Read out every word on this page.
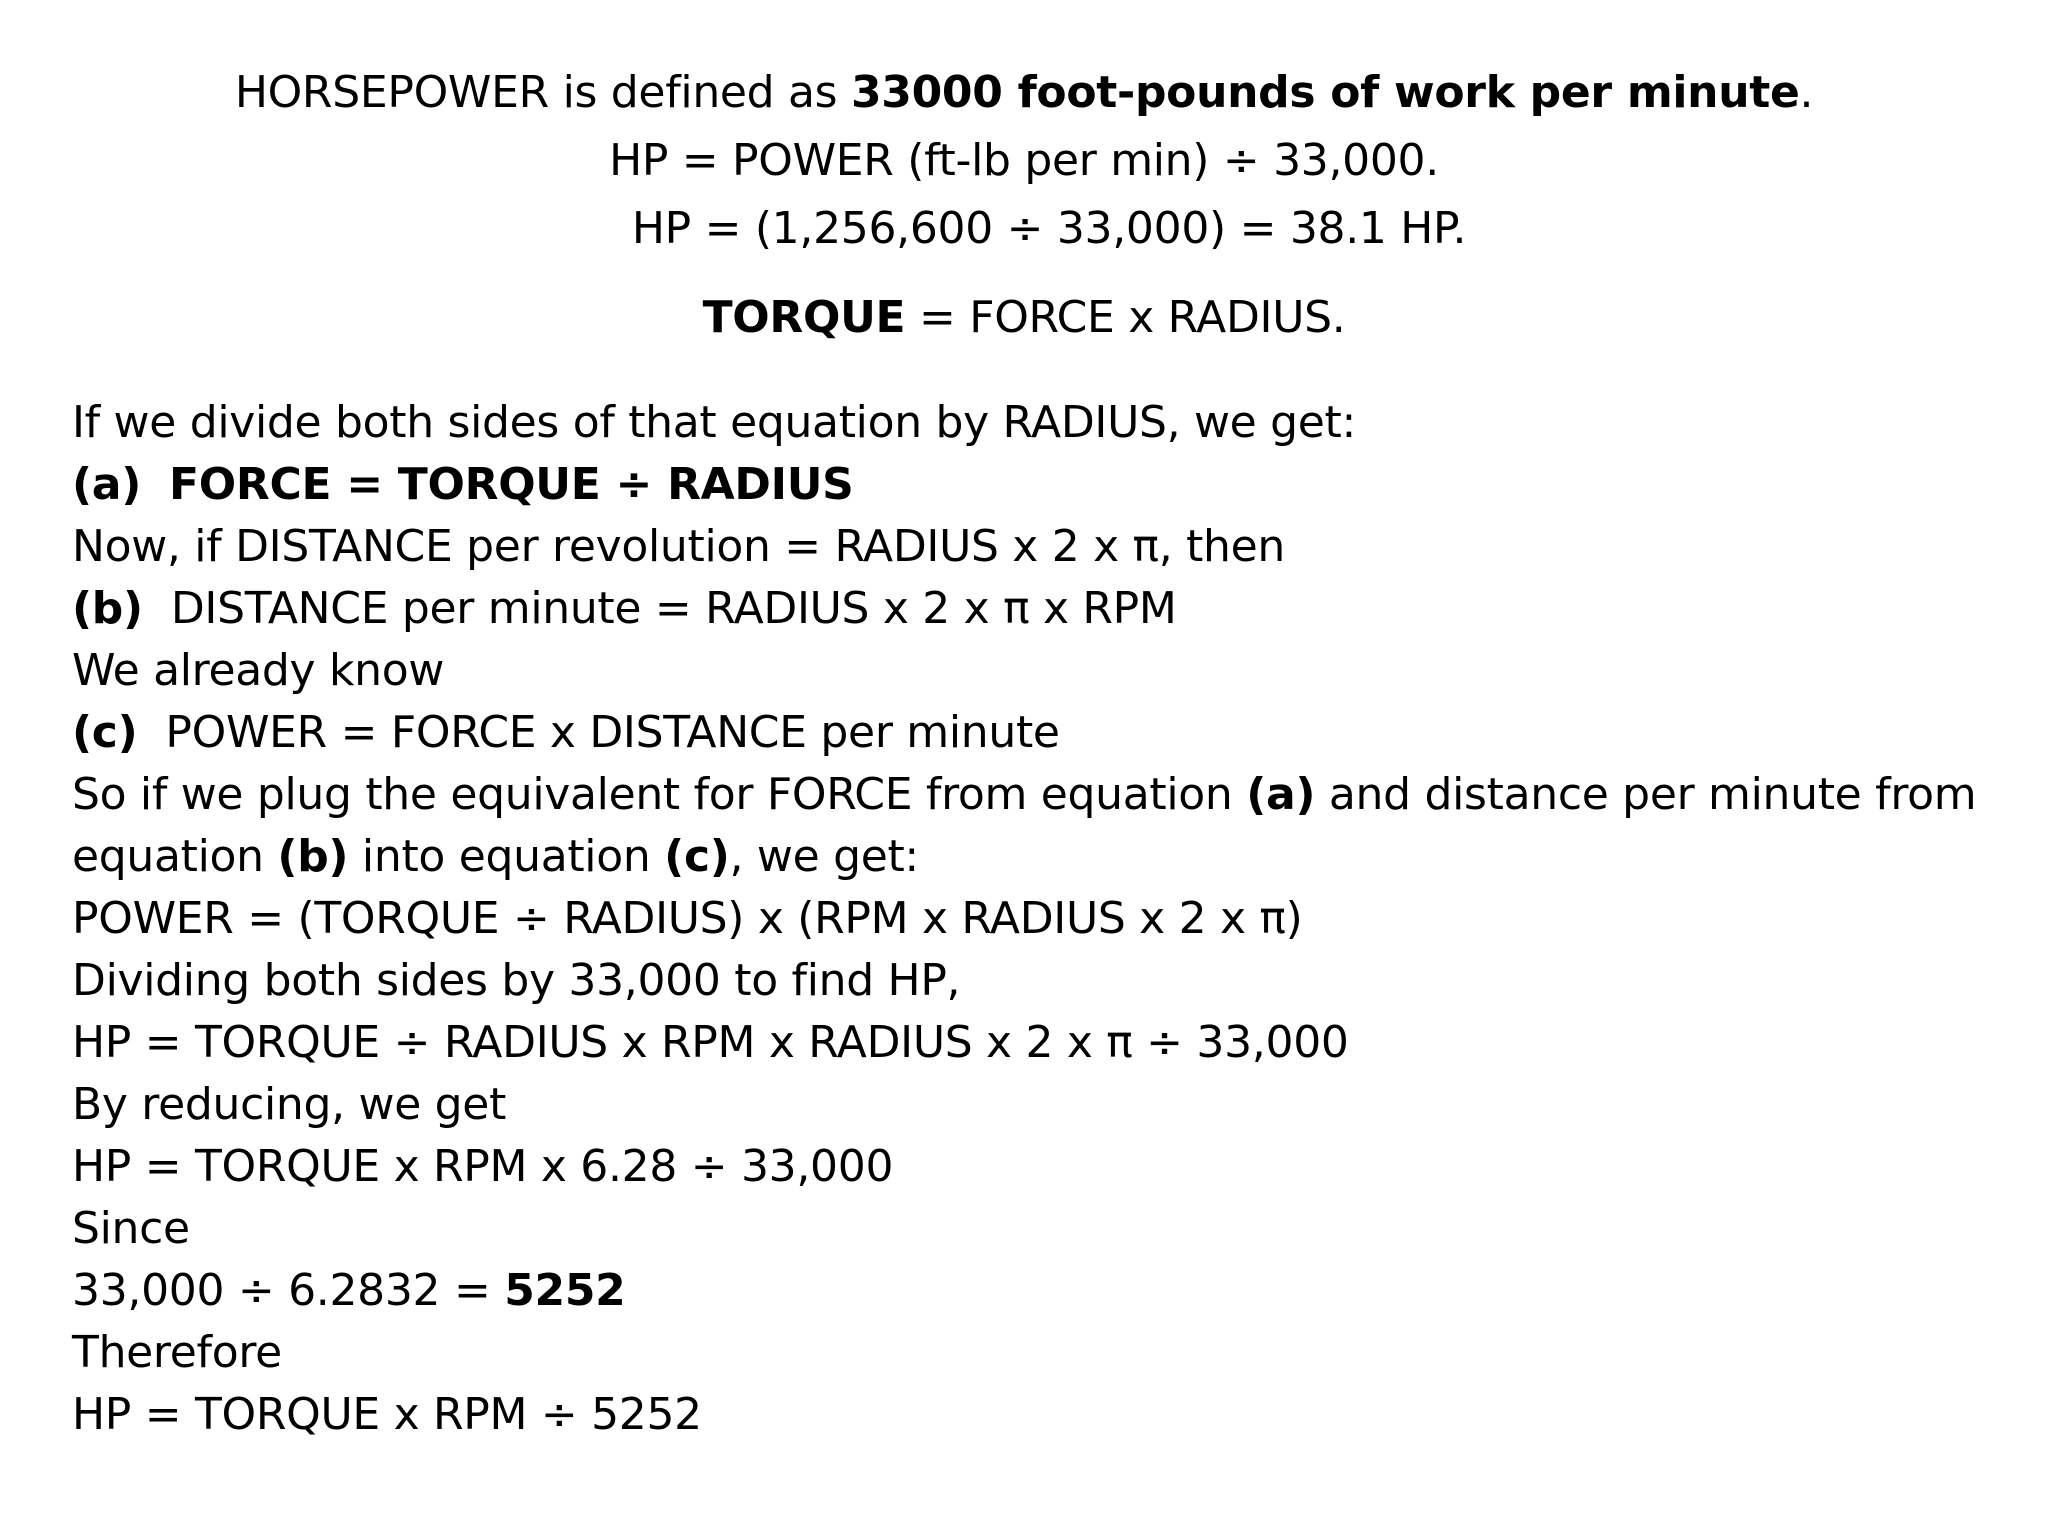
HORSEPOWER is defined as 33000 foot-pounds of work per minute.
HP = POWER (ft-lb per min) ÷ 33,000.
HP = (1,256,600 ÷ 33,000) = 38.1 HP.
TORQUE = FORCE x RADIUS.
If we divide both sides of that equation by RADIUS, we get:
(a) FORCE = TORQUE ÷ RADIUS
Now, if DISTANCE per revolution = RADIUS x 2 x π, then
(b) DISTANCE per minute = RADIUS x 2 x π x RPM
We already know
(c) POWER = FORCE x DISTANCE per minute
So if we plug the equivalent for FORCE from equation (a) and distance per minute from
equation (b) into equation (c), we get:
POWER = (TORQUE ÷ RADIUS) x (RPM x RADIUS x 2 x π)
Dividing both sides by 33,000 to find HP,
HP = TORQUE ÷ RADIUS x RPM x RADIUS x 2 x π ÷ 33,000
By reducing, we get
HP = TORQUE x RPM x 6.28 ÷ 33,000
Since
33,000 ÷ 6.2832 = 5252
Therefore
HP = TORQUE x RPM ÷ 5252
